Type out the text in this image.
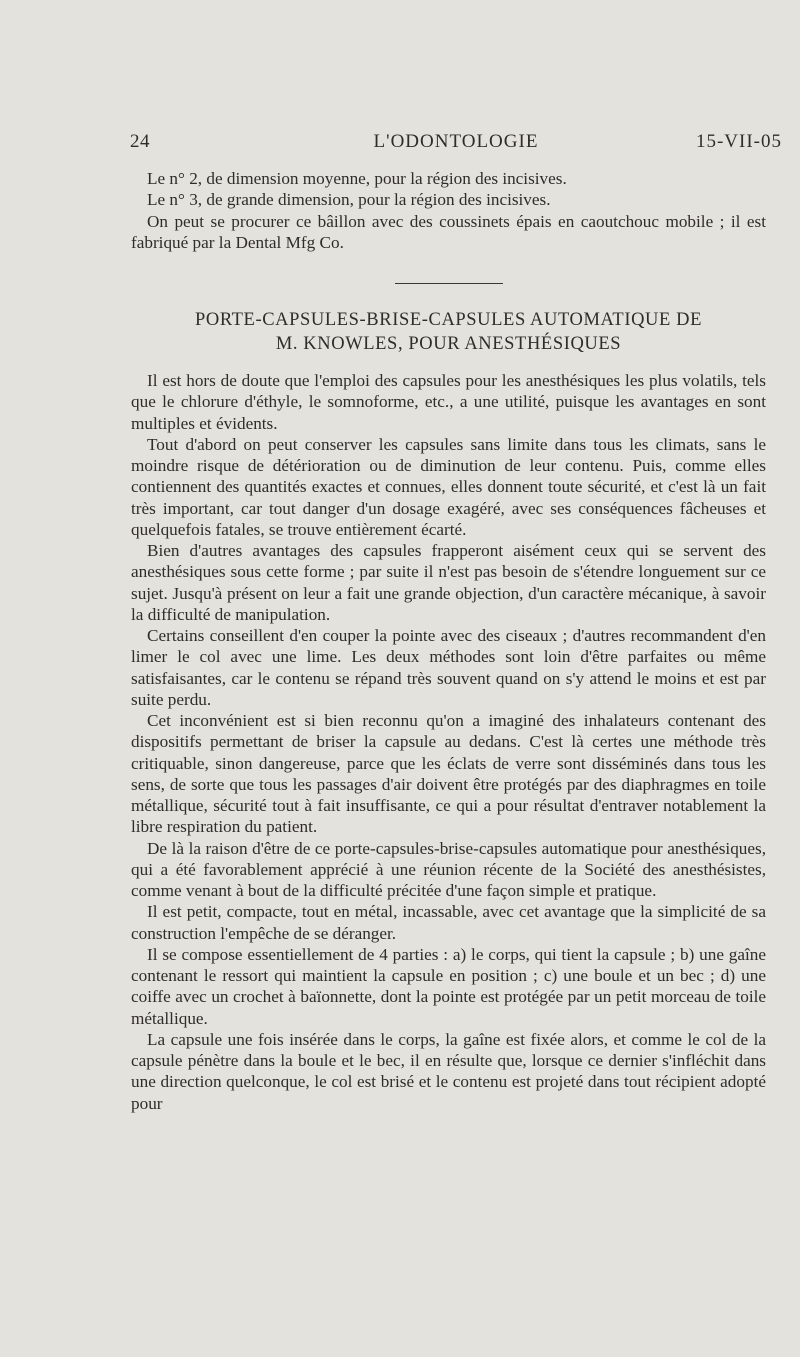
24	L'ODONTOLOGIE	15-VII-05

Le n° 2, de dimension moyenne, pour la région des incisives.

Le n° 3, de grande dimension, pour la région des incisives.

On peut se procurer ce bâillon avec des coussinets épais en caoutchouc mobile ; il est fabriqué par la Dental Mfg Co.

PORTE-CAPSULES-BRISE-CAPSULES AUTOMATIQUE DE
M. KNOWLES, POUR ANESTHÉSIQUES

Il est hors de doute que l'emploi des capsules pour les anesthésiques les plus volatils, tels que le chlorure d'éthyle, le somnoforme, etc., a une utilité, puisque les avantages en sont multiples et évidents.

Tout d'abord on peut conserver les capsules sans limite dans tous les climats, sans le moindre risque de détérioration ou de diminution de leur contenu. Puis, comme elles contiennent des quantités exactes et connues, elles donnent toute sécurité, et c'est là un fait très important, car tout danger d'un dosage exagéré, avec ses conséquences fâcheuses et quelquefois fatales, se trouve entièrement écarté.

Bien d'autres avantages des capsules frapperont aisément ceux qui se servent des anesthésiques sous cette forme ; par suite il n'est pas besoin de s'étendre longuement sur ce sujet. Jusqu'à présent on leur a fait une grande objection, d'un caractère mécanique, à savoir la difficulté de manipulation.

Certains conseillent d'en couper la pointe avec des ciseaux ; d'autres recommandent d'en limer le col avec une lime. Les deux méthodes sont loin d'être parfaites ou même satisfaisantes, car le contenu se répand très souvent quand on s'y attend le moins et est par suite perdu.

Cet inconvénient est si bien reconnu qu'on a imaginé des inhalateurs contenant des dispositifs permettant de briser la capsule au dedans. C'est là certes une méthode très critiquable, sinon dangereuse, parce que les éclats de verre sont disséminés dans tous les sens, de sorte que tous les passages d'air doivent être protégés par des diaphragmes en toile métallique, sécurité tout à fait insuffisante, ce qui a pour résultat d'entraver notablement la libre respiration du patient.

De là la raison d'être de ce porte-capsules-brise-capsules automatique pour anesthésiques, qui a été favorablement apprécié à une réunion récente de la Société des anesthésistes, comme venant à bout de la difficulté précitée d'une façon simple et pratique.

Il est petit, compacte, tout en métal, incassable, avec cet avantage que la simplicité de sa construction l'empêche de se déranger.

Il se compose essentiellement de 4 parties : a) le corps, qui tient la capsule ; b) une gaîne contenant le ressort qui maintient la capsule en position ; c) une boule et un bec ; d) une coiffe avec un crochet à baïonnette, dont la pointe est protégée par un petit morceau de toile métallique.

La capsule une fois insérée dans le corps, la gaîne est fixée alors, et comme le col de la capsule pénètre dans la boule et le bec, il en résulte que, lorsque ce dernier s'infléchit dans une direction quelconque, le col est brisé et le contenu est projeté dans tout récipient adopté pour
